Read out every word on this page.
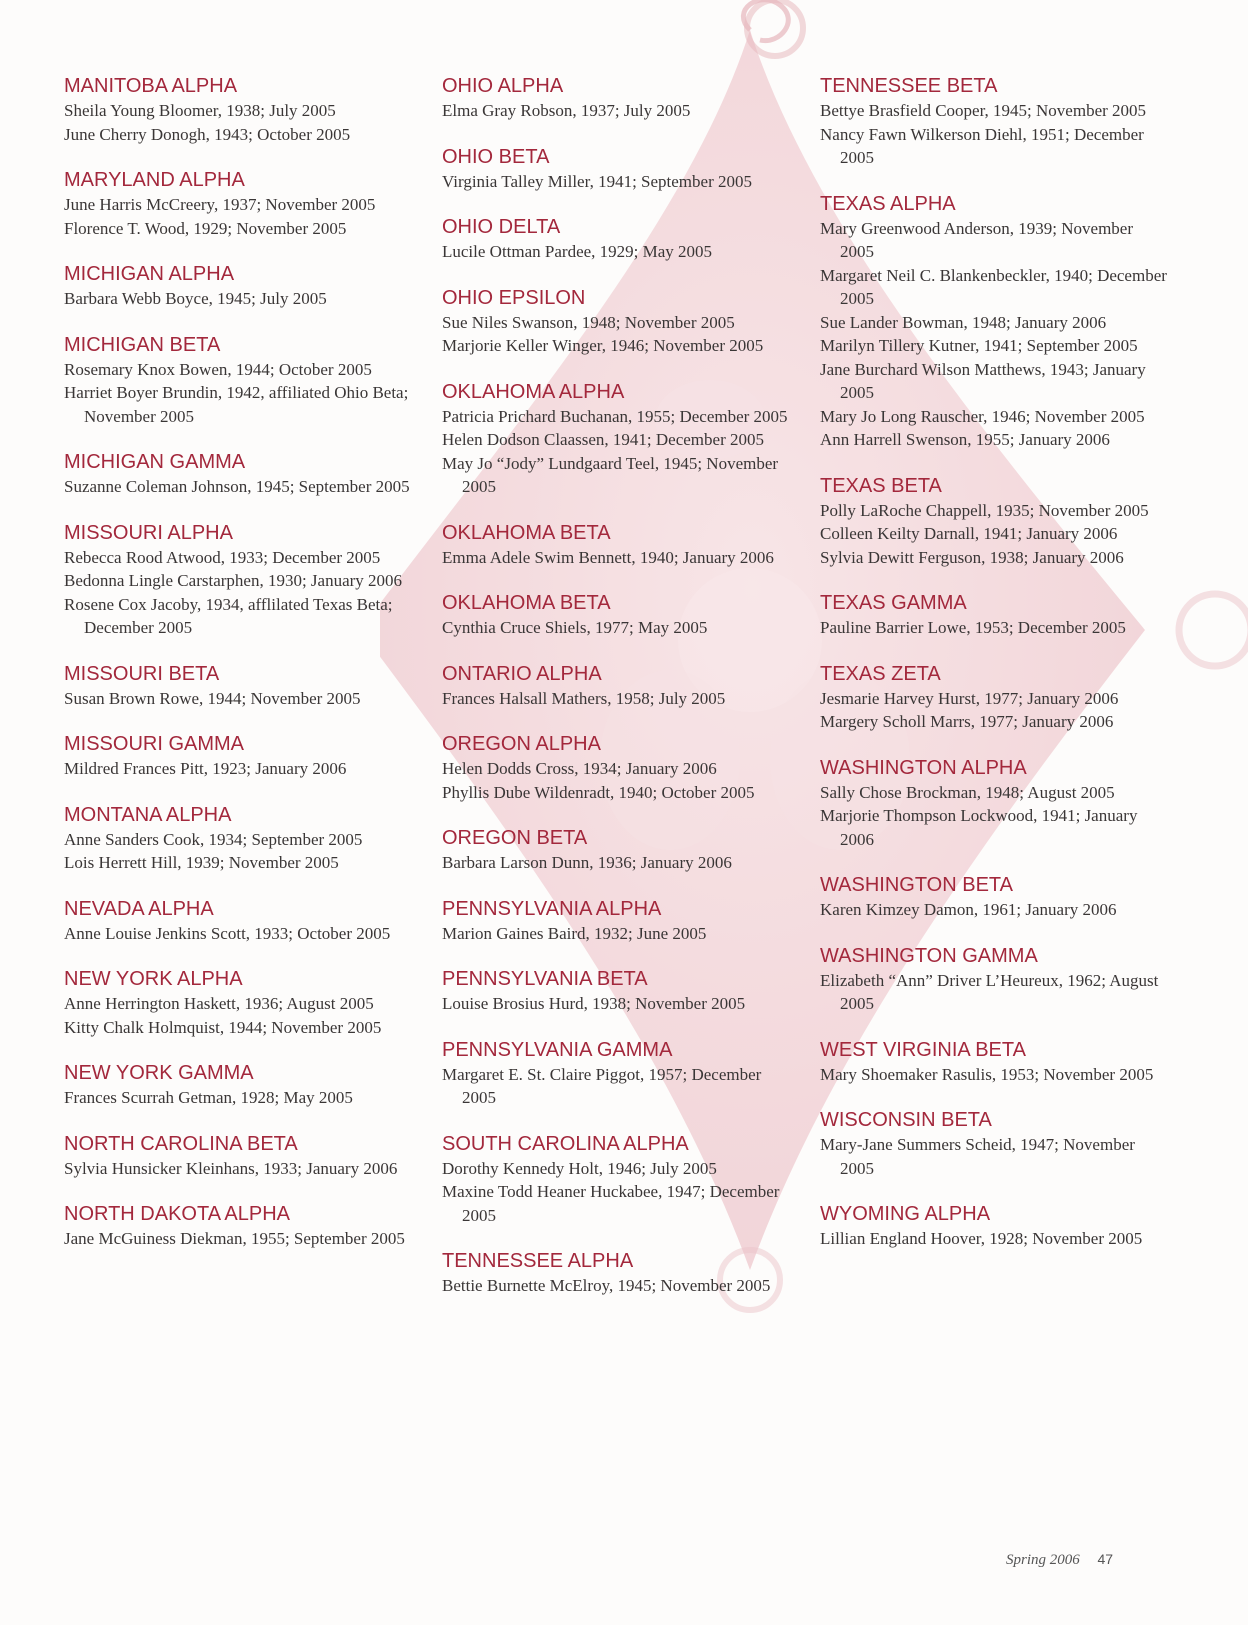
MANITOBA ALPHA
Sheila Young Bloomer, 1938; July 2005
June Cherry Donogh, 1943; October 2005
MARYLAND ALPHA
June Harris McCreery, 1937; November 2005
Florence T. Wood, 1929; November 2005
MICHIGAN ALPHA
Barbara Webb Boyce, 1945; July 2005
MICHIGAN BETA
Rosemary Knox Bowen, 1944; October 2005
Harriet Boyer Brundin, 1942, affiliated Ohio Beta; November 2005
MICHIGAN GAMMA
Suzanne Coleman Johnson, 1945; September 2005
MISSOURI ALPHA
Rebecca Rood Atwood, 1933; December 2005
Bedonna Lingle Carstarphen, 1930; January 2006
Rosene Cox Jacoby, 1934, afflilated Texas Beta; December 2005
MISSOURI BETA
Susan Brown Rowe, 1944; November 2005
MISSOURI GAMMA
Mildred Frances Pitt, 1923; January 2006
MONTANA ALPHA
Anne Sanders Cook, 1934; September 2005
Lois Herrett Hill, 1939; November 2005
NEVADA ALPHA
Anne Louise Jenkins Scott, 1933; October 2005
NEW YORK ALPHA
Anne Herrington Haskett, 1936; August 2005
Kitty Chalk Holmquist, 1944; November 2005
NEW YORK GAMMA
Frances Scurrah Getman, 1928; May 2005
NORTH CAROLINA BETA
Sylvia Hunsicker Kleinhans, 1933; January 2006
NORTH DAKOTA ALPHA
Jane McGuiness Diekman, 1955; September 2005
OHIO ALPHA
Elma Gray Robson, 1937; July 2005
OHIO BETA
Virginia Talley Miller, 1941; September 2005
OHIO DELTA
Lucile Ottman Pardee, 1929; May 2005
OHIO EPSILON
Sue Niles Swanson, 1948; November 2005
Marjorie Keller Winger, 1946; November 2005
OKLAHOMA ALPHA
Patricia Prichard Buchanan, 1955; December 2005
Helen Dodson Claassen, 1941; December 2005
May Jo “Jody” Lundgaard Teel, 1945; November 2005
OKLAHOMA BETA
Emma Adele Swim Bennett, 1940; January 2006
OKLAHOMA BETA
Cynthia Cruce Shiels, 1977; May 2005
ONTARIO ALPHA
Frances Halsall Mathers, 1958; July 2005
OREGON ALPHA
Helen Dodds Cross, 1934; January 2006
Phyllis Dube Wildenradt, 1940; October 2005
OREGON BETA
Barbara Larson Dunn, 1936; January 2006
PENNSYLVANIA ALPHA
Marion Gaines Baird, 1932; June 2005
PENNSYLVANIA BETA
Louise Brosius Hurd, 1938; November 2005
PENNSYLVANIA GAMMA
Margaret E. St. Claire Piggot, 1957; December 2005
SOUTH CAROLINA ALPHA
Dorothy Kennedy Holt, 1946; July 2005
Maxine Todd Heaner Huckabee, 1947; December 2005
TENNESSEE ALPHA
Bettie Burnette McElroy, 1945; November 2005
TENNESSEE BETA
Bettye Brasfield Cooper, 1945; November 2005
Nancy Fawn Wilkerson Diehl, 1951; December 2005
TEXAS ALPHA
Mary Greenwood Anderson, 1939; November 2005
Margaret Neil C. Blankenbeckler, 1940; December 2005
Sue Lander Bowman, 1948; January 2006
Marilyn Tillery Kutner, 1941; September 2005
Jane Burchard Wilson Matthews, 1943; January 2005
Mary Jo Long Rauscher, 1946; November 2005
Ann Harrell Swenson, 1955; January 2006
TEXAS BETA
Polly LaRoche Chappell, 1935; November 2005
Colleen Keilty Darnall, 1941; January 2006
Sylvia Dewitt Ferguson, 1938; January 2006
TEXAS GAMMA
Pauline Barrier Lowe, 1953; December 2005
TEXAS ZETA
Jesmarie Harvey Hurst, 1977; January 2006
Margery Scholl Marrs, 1977; January 2006
WASHINGTON ALPHA
Sally Chose Brockman, 1948; August 2005
Marjorie Thompson Lockwood, 1941; January 2006
WASHINGTON BETA
Karen Kimzey Damon, 1961; January 2006
WASHINGTON GAMMA
Elizabeth “Ann” Driver L’Heureux, 1962; August 2005
WEST VIRGINIA BETA
Mary Shoemaker Rasulis, 1953; November 2005
WISCONSIN BETA
Mary-Jane Summers Scheid, 1947; November 2005
WYOMING ALPHA
Lillian England Hoover, 1928; November 2005
Spring 2006 47
